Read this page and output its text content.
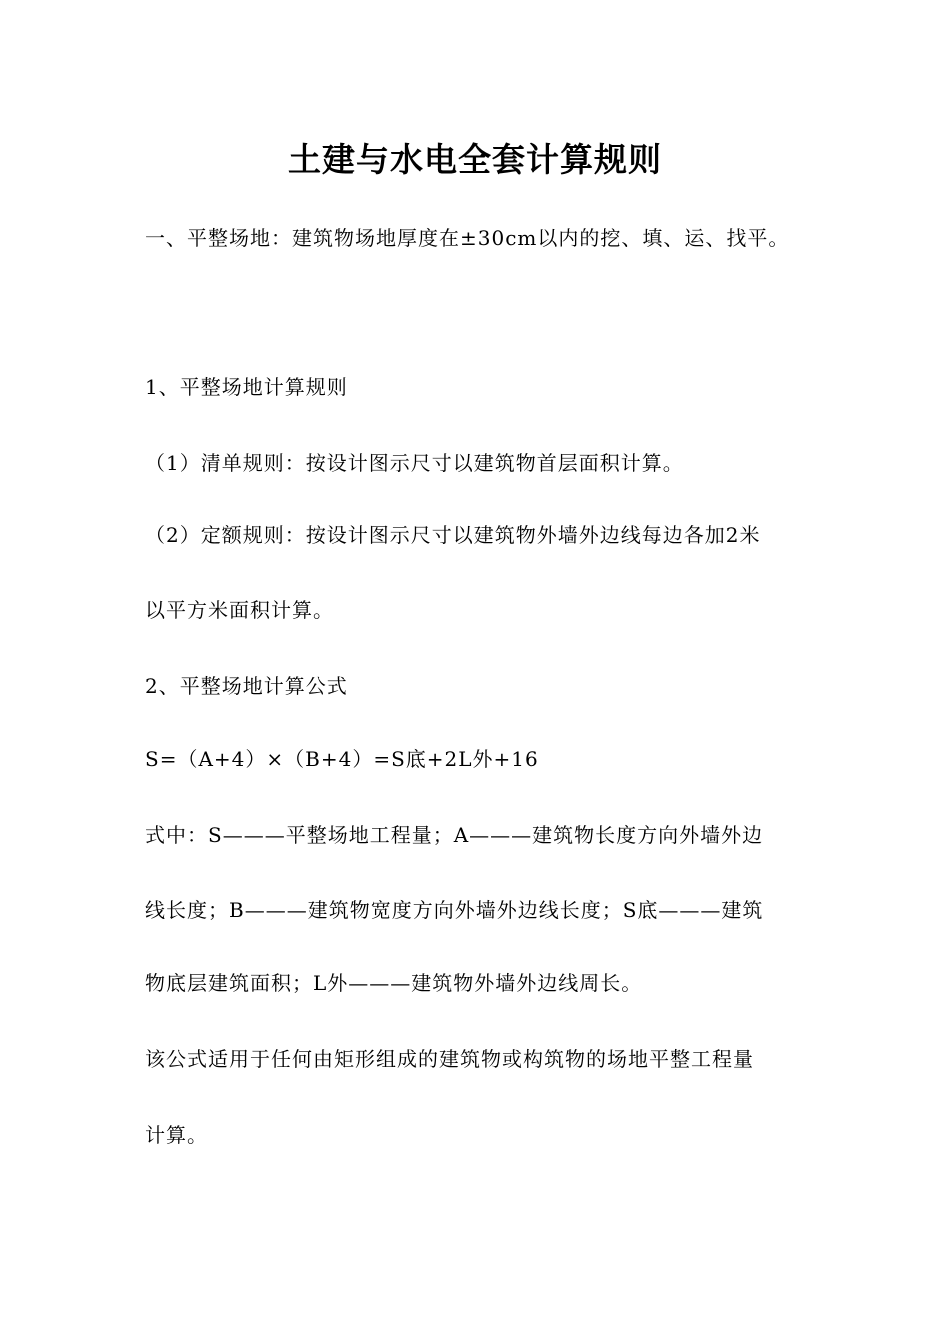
土建与水电全套计算规则
一、平整场地：建筑物场地厚度在±30cm以内的挖、填、运、找平。
1、平整场地计算规则
（1）清单规则：按设计图示尺寸以建筑物首层面积计算。
（2）定额规则：按设计图示尺寸以建筑物外墙外边线每边各加2米
以平方米面积计算。
2、平整场地计算公式
S=（A+4）×（B+4）=S底+2L外+16
式中：S———平整场地工程量；A———建筑物长度方向外墙外边
线长度；B———建筑物宽度方向外墙外边线长度；S底———建筑
物底层建筑面积；L外———建筑物外墙外边线周长。
该公式适用于任何由矩形组成的建筑物或构筑物的场地平整工程量
计算。
